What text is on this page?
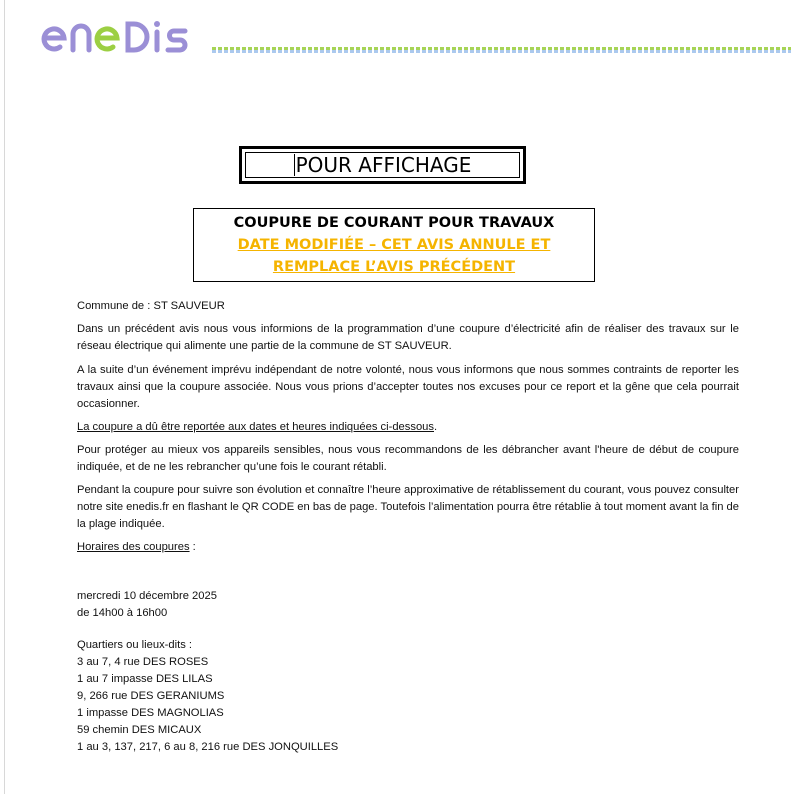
POUR AFFICHAGE
COUPURE DE COURANT POUR TRAVAUX
DATE MODIFIÉE – CET AVIS ANNULE ET
REMPLACE L’AVIS PRÉCÉDENT

Commune de : ST SAUVEUR

Dans un précédent avis nous vous informions de la programmation d’une coupure d’électricité afin de réaliser des travaux sur le réseau électrique qui alimente une partie de la commune de ST SAUVEUR.

A la suite d’un événement imprévu indépendant de notre volonté, nous vous informons que nous sommes contraints de reporter les travaux ainsi que la coupure associée. Nous vous prions d’accepter toutes nos excuses pour ce report et la gêne que cela pourrait occasionner.

La coupure a dû être reportée aux dates et heures indiquées ci-dessous.

Pour protéger au mieux vos appareils sensibles, nous vous recommandons de les débrancher avant l'heure de début de coupure indiquée, et de ne les rebrancher qu’une fois le courant rétabli.

Pendant la coupure pour suivre son évolution et connaître l’heure approximative de rétablissement du courant, vous pouvez consulter notre site enedis.fr en flashant le QR CODE en bas de page. Toutefois l’alimentation pourra être rétablie à tout moment avant la fin de la plage indiquée.

Horaires des coupures :

mercredi 10 décembre 2025

de 14h00 à 16h00

Quartiers ou lieux-dits :

3 au 7, 4 rue DES ROSES

1 au 7 impasse DES LILAS

9, 266 rue DES GERANIUMS

1 impasse DES MAGNOLIAS

59 chemin DES MICAUX

1 au 3, 137, 217, 6 au 8, 216 rue DES JONQUILLES
